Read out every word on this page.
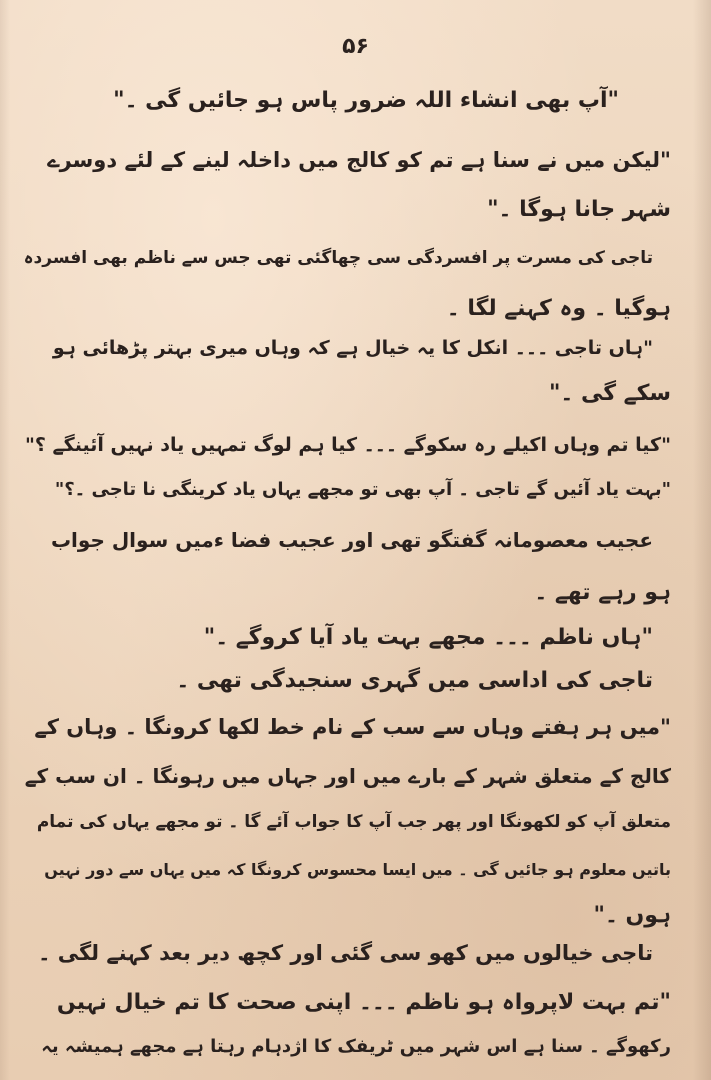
۵۶
"آپ بھی انشاء اللہ ضرور پاس ہو جائیں گی ۔"
"لیکن میں نے سنا ہے تم کو کالج میں داخلہ لینے کے لئے دوسرے
شہر جانا ہوگا ۔"
تاجی کی مسرت پر افسردگی سی چھاگئی تھی جس سے ناظم بھی افسردہ
ہوگیا ۔ وہ کہنے لگا ۔
"ہاں تاجی ۔۔۔ انکل کا یہ خیال ہے کہ وہاں میری بہتر پڑھائی ہو
سکے گی ۔"
"کیا تم وہاں اکیلے رہ سکوگے ۔۔۔ کیا ہم لوگ تمہیں یاد نہیں آئینگے ؟"
"بہت یاد آئیں گے تاجی ۔ آپ بھی تو مجھے یہاں یاد کرینگی نا تاجی ۔؟"
عجیب معصومانہ گفتگو تھی اور عجیب فضا ءمیں سوال جواب
ہو رہے تھے ۔
"ہاں ناظم ۔۔۔ مجھے بہت یاد آیا کروگے ۔"
تاجی کی اداسی میں گہری سنجیدگی تھی ۔
"میں ہر ہفتے وہاں سے سب کے نام خط لکھا کرونگا ۔ وہاں کے
کالج کے متعلق شہر کے بارے میں اور جہاں میں رہونگا ۔ ان سب کے
متعلق آپ کو لکھونگا اور پھر جب آپ کا جواب آئے گا ۔ تو مجھے یہاں کی تمام
باتیں معلوم ہو جائیں گی ۔ میں ایسا محسوس کرونگا کہ میں یہاں سے دور نہیں
ہوں ۔"
تاجی خیالوں میں کھو سی گئی اور کچھ دیر بعد کہنے لگی ۔
"تم بہت لاپرواہ ہو ناظم ۔۔۔ اپنی صحت کا تم خیال نہیں
رکھوگے ۔ سنا ہے اس شہر میں ٹریفک کا اژدہام رہتا ہے مجھے ہمیشہ یہ
